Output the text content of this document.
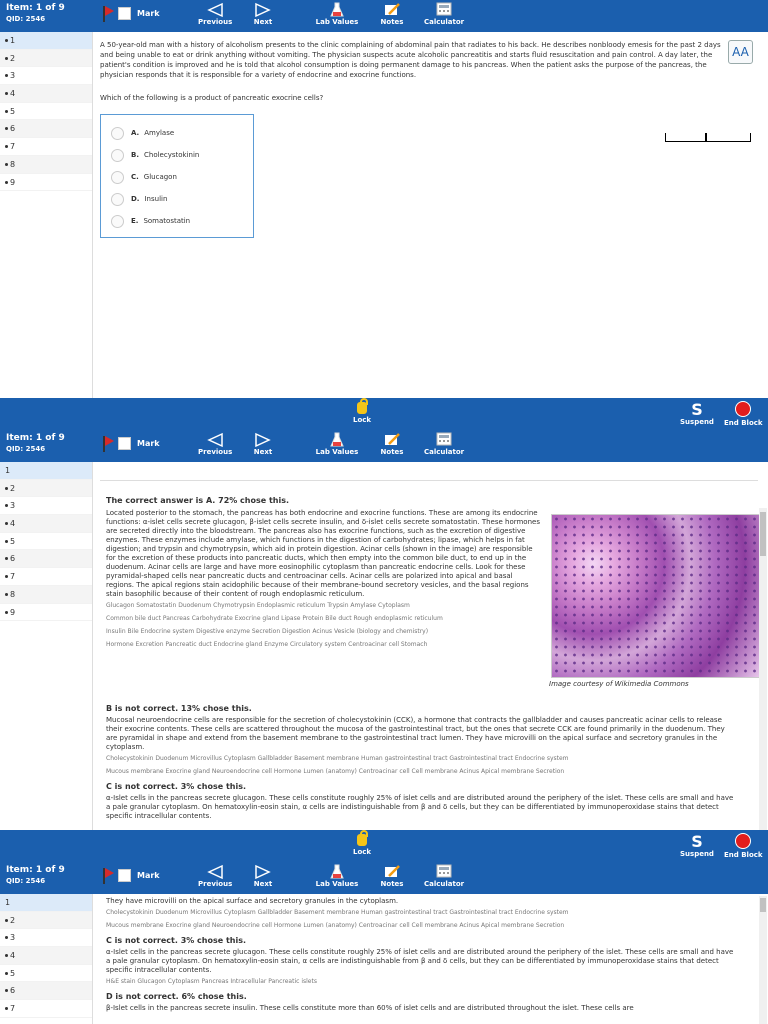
Item: 1 of 9
QID: 2546
Mark
Previous	Next	Lab Values	Notes	Calculator
1
2
3
4
5
6
7
8
9

A 50-year-old man with a history of alcoholism presents to the clinic complaining of abdominal pain that radiates to his back. He describes nonbloody emesis for the past 2 days and being unable to eat or drink anything without vomiting. The physician suspects acute alcoholic pancreatitis and starts fluid resuscitation and pain control. A day later, the patient's condition is improved and he is told that alcohol consumption is doing permanent damage to his pancreas. When the patient asks the purpose of the pancreas, the physician responds that it is responsible for a variety of endocrine and exocrine functions.

Which of the following is a product of pancreatic exocrine cells?

A. Amylase
B. Cholecystokinin
C. Glucagon
D. Insulin
E. Somatostatin
AA
Lock
S
Suspend End Block
Item: 1 of 9
QID: 2546
Mark
Previous	Next	Lab Values	Notes	Calculator
1
2
3
4
5
6
7
8
9

The correct answer is A. 72% chose this.

Located posterior to the stomach, the pancreas has both endocrine and exocrine functions. These are among its endocrine functions: α-islet cells secrete glucagon, β-islet cells secrete insulin, and δ-islet cells secrete somatostatin. These hormones are secreted directly into the bloodstream. The pancreas also has exocrine functions, such as the excretion of digestive enzymes. These enzymes include amylase, which functions in the digestion of carbohydrates; lipase, which helps in fat digestion; and trypsin and chymotrypsin, which aid in protein digestion. Acinar cells (shown in the image) are responsible for the excretion of these products into pancreatic ducts, which then empty into the common bile duct, to end up in the duodenum. Acinar cells are large and have more eosinophilic cytoplasm than pancreatic endocrine cells. Look for these pyramidal-shaped cells near pancreatic ducts and centroacinar cells. Acinar cells are polarized into apical and basal regions. The apical regions stain acidophilic because of their membrane-bound secretory vesicles, and the basal regions stain basophilic because of their content of rough endoplasmic reticulum.

Glucagon Somatostatin Duodenum Chymotrypsin Endoplasmic reticulum Trypsin Amylase Cytoplasm

Common bile duct Pancreas Carbohydrate Exocrine gland Lipase Protein Bile duct Rough endoplasmic reticulum

Insulin Bile Endocrine system Digestive enzyme Secretion Digestion Acinus Vesicle (biology and chemistry)

Hormone Excretion Pancreatic duct Endocrine gland Enzyme Circulatory system Centroacinar cell Stomach

Image courtesy of Wikimedia Commons

B is not correct. 13% chose this.

Mucosal neuroendocrine cells are responsible for the secretion of cholecystokinin (CCK), a hormone that contracts the gallbladder and causes pancreatic acinar cells to release their exocrine contents. These cells are scattered throughout the mucosa of the gastrointestinal tract, but the ones that secrete CCK are found primarily in the duodenum. They are pyramidal in shape and extend from the basement membrane to the gastrointestinal tract lumen. They have microvilli on the apical surface and secretory granules in the cytoplasm.

Cholecystokinin Duodenum Microvillus Cytoplasm Gallbladder Basement membrane Human gastrointestinal tract Gastrointestinal tract Endocrine system

Mucous membrane Exocrine gland Neuroendocrine cell Hormone Lumen (anatomy) Centroacinar cell Cell membrane Acinus Apical membrane Secretion

C is not correct. 3% chose this.

α-Islet cells in the pancreas secrete glucagon. These cells constitute roughly 25% of islet cells and are distributed around the periphery of the islet. These cells are small and have a pale granular cytoplasm. On hematoxylin-eosin stain, α cells are indistinguishable from β and δ cells, but they can be differentiated by immunoperoxidase stains that detect specific intracellular contents.

Lock
S
Suspend End Block
Item: 1 of 9
QID: 2546
Mark
Previous	Next	Lab Values	Notes	Calculator
1
2
3
4
5
6
7

They have microvilli on the apical surface and secretory granules in the cytoplasm.

Cholecystokinin Duodenum Microvillus Cytoplasm Gallbladder Basement membrane Human gastrointestinal tract Gastrointestinal tract Endocrine system

Mucous membrane Exocrine gland Neuroendocrine cell Hormone Lumen (anatomy) Centroacinar cell Cell membrane Acinus Apical membrane Secretion

C is not correct. 3% chose this.

α-Islet cells in the pancreas secrete glucagon. These cells constitute roughly 25% of islet cells and are distributed around the periphery of the islet. These cells are small and have a pale granular cytoplasm. On hematoxylin-eosin stain, α cells are indistinguishable from β and δ cells, but they can be differentiated by immunoperoxidase stains that detect specific intracellular contents.

H&E stain Glucagon Cytoplasm Pancreas Intracellular Pancreatic islets

D is not correct. 6% chose this.

β-Islet cells in the pancreas secrete insulin. These cells constitute more than 60% of islet cells and are distributed throughout the islet. These cells are
